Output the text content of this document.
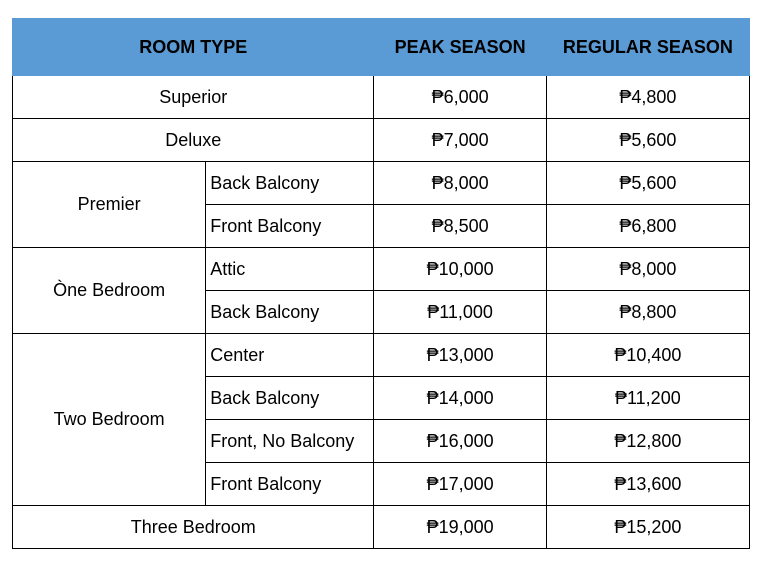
ROOM TYPE		PEAK SEASON	REGULAR SEASON
Superior		₱6,000	₱4,800
Deluxe		₱7,000	₱5,600
Premier	Back Balcony	₱8,000	₱5,600
	Front Balcony	₱8,500	₱6,800
Òne Bedroom	Attic	₱10,000	₱8,000
	Back Balcony	₱11,000	₱8,800
Two Bedroom	Center	₱13,000	₱10,400
	Back Balcony	₱14,000	₱11,200
	Front, No Balcony	₱16,000	₱12,800
	Front Balcony	₱17,000	₱13,600
Three Bedroom		₱19,000	₱15,200
